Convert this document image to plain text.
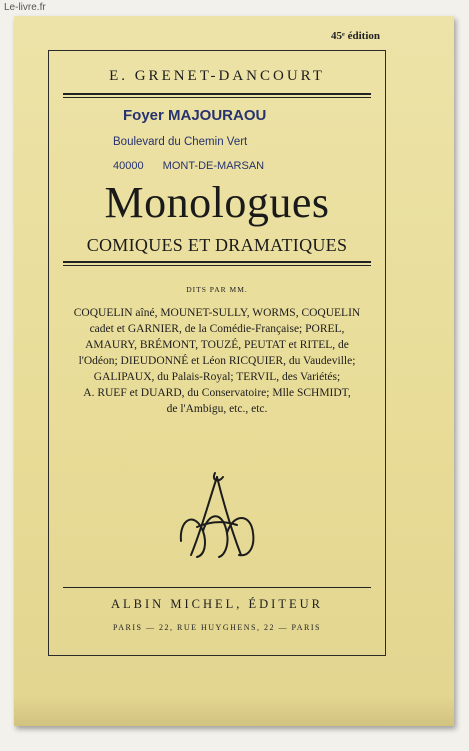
Le-livre.fr
45ᵉ édition
E. GRENET-DANCOURT
Foyer MAJOURAOU
Boulevard du Chemin Vert
40000 MONT-DE-MARSAN
Monologues
COMIQUES ET DRAMATIQUES
DITS PAR MM.
COQUELIN aîné, MOUNET-SULLY, WORMS, COQUELIN
cadet et GARNIER, de la Comédie-Française; POREL,
AMAURY, BRÉMONT, TOUZÉ, PEUTAT et RITEL, de
l'Odéon; DIEUDONNÉ et Léon RICQUIER, du Vaudeville;
GALIPAUX, du Palais-Royal; TERVIL, des Variétés;
A. RUEF et DUARD, du Conservatoire; Mlle SCHMIDT,
de l'Ambigu, etc., etc.
ALBIN MICHEL, ÉDITEUR
PARIS — 22, RUE HUYGHENS, 22 — PARIS
